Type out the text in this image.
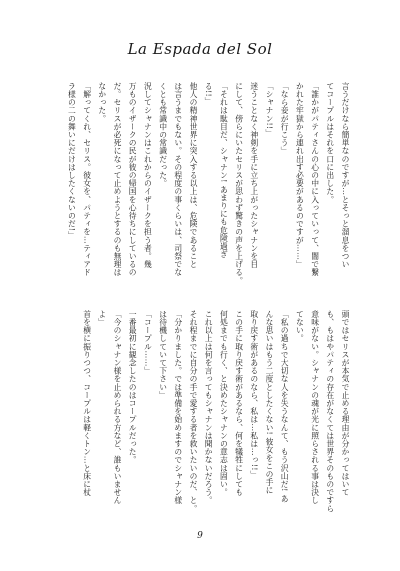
La Espada del Sol
言うだけなら簡単なのですが…とそっと溜息をつい
てコープルはそれを口に出した。
「誰かがパティさんの心の中に入っていって、闇で繋
かれた牢獄から連れ出す必要があるのですが……」
「なら妾が行こう」
「シャナン!!」
迷うことなく神剣を手に立ち上がったシャナンを目
にして、傍らにいたセリスが思わず驚きの声を上げる。
「それは駄目だ、シャナン! あまりにも危険過ぎ
る!!」
他人の精神世界に突入する以上は、危険であること
は言うまでもない。その程度の事くらいは、司祭でな
くとも常識中の常識だった。
況してシャナンはこれからのイザークを担う者。幾
万ものイザークの民が彼の帰国を心待ちにしているの
だ。セリスが必死になって止めようとするのも無理は
なかった。
「解ってくれ、セリス。彼女を、パティを…ティアド
ラ様の二の舞いにだけはしたくないのだ!」
頭ではセリスが本気で止める理由が分かってはいて
も、もはやパティの存在がなくては世界そのものですら
意味がない。シャナンの魂が光に照らされる事は決し
てない。
「私の過ちで大切な人を失うなんて、もう沢山だ! あ
んな思いはもう二度としたくない! 彼女をこの手に
取り戻す術があるのなら、私は…私は…っ!!」
この手に取り戻す術があるなら、何を犠牲にしても
何処までも行く、と決めたシャナンの意志は固い。
これ以上は何を言ってもシャナンは聞かないだろう。
それ程までに自分の手で愛する者を救いたいのだ、と。
「分かりました。では準備を始めますのでシャナン様
は待機していて下さい」
「コープル……」
一番最初に観念したのはコープルだった。
「今のシャナン様を止められる方など、誰もいません
よ」
首を横に振りつつ、コープルは軽くトン…と床に杖
9
